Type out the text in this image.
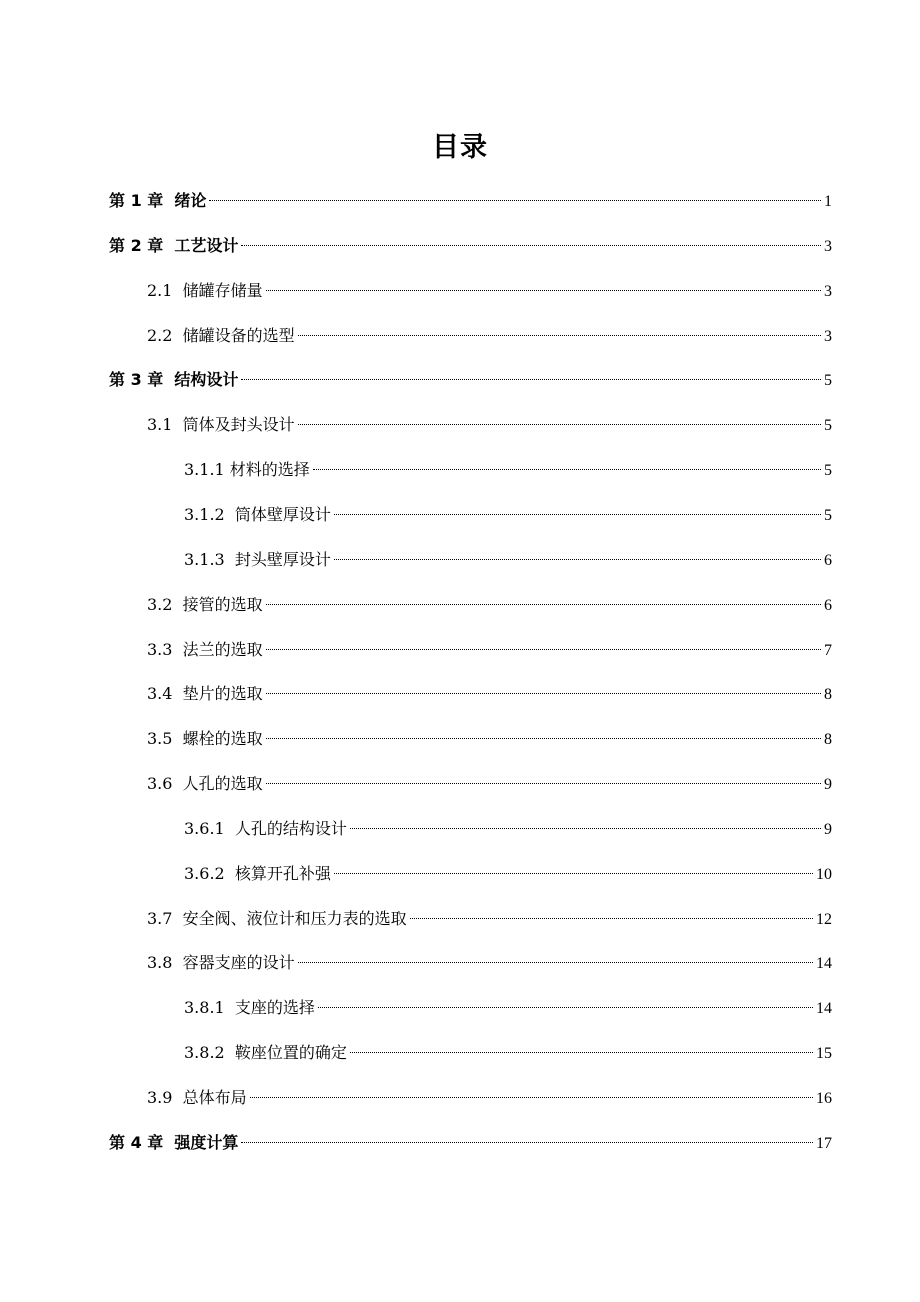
目录
第 1 章  绪论	1
第 2 章  工艺设计	3
2.1  储罐存储量	3
2.2  储罐设备的选型	3
第 3 章  结构设计	5
3.1  筒体及封头设计	5
3.1.1 材料的选择	5
3.1.2  筒体壁厚设计	5
3.1.3  封头壁厚设计	6
3.2  接管的选取	6
3.3  法兰的选取	7
3.4  垫片的选取	8
3.5  螺栓的选取	8
3.6  人孔的选取	9
3.6.1  人孔的结构设计	9
3.6.2  核算开孔补强	10
3.7  安全阀、液位计和压力表的选取	12
3.8  容器支座的设计	14
3.8.1  支座的选择	14
3.8.2  鞍座位置的确定	15
3.9  总体布局	16
第 4 章  强度计算	17
